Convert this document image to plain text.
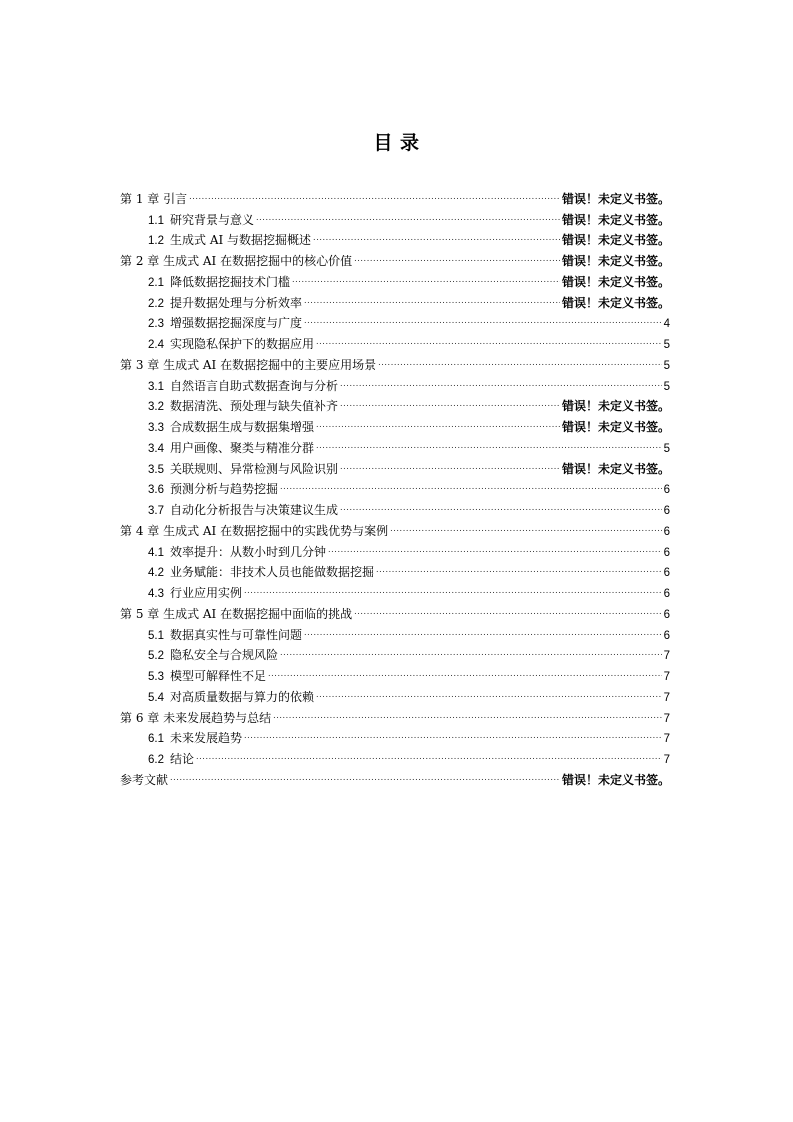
目 录
第 1 章 引言 .....	错误！未定义书签。
1.1 研究背景与意义 .....	错误！未定义书签。
1.2 生成式 AI 与数据挖掘概述 .....	错误！未定义书签。
第 2 章 生成式 AI 在数据挖掘中的核心价值 .....	错误！未定义书签。
2.1 降低数据挖掘技术门槛 .....	错误！未定义书签。
2.2 提升数据处理与分析效率 .....	错误！未定义书签。
2.3 增强数据挖掘深度与广度 .....	4
2.4 实现隐私保护下的数据应用 .....	5
第 3 章 生成式 AI 在数据挖掘中的主要应用场景 .....	5
3.1 自然语言自助式数据查询与分析 .....	5
3.2 数据清洗、预处理与缺失值补齐 .....	错误！未定义书签。
3.3 合成数据生成与数据集增强 .....	错误！未定义书签。
3.4 用户画像、聚类与精准分群 .....	5
3.5 关联规则、异常检测与风险识别 .....	错误！未定义书签。
3.6 预测分析与趋势挖掘 .....	6
3.7 自动化分析报告与决策建议生成 .....	6
第 4 章 生成式 AI 在数据挖掘中的实践优势与案例 .....	6
4.1 效率提升：从数小时到几分钟 .....	6
4.2 业务赋能：非技术人员也能做数据挖掘 .....	6
4.3 行业应用实例 .....	6
第 5 章 生成式 AI 在数据挖掘中面临的挑战 .....	6
5.1 数据真实性与可靠性问题 .....	6
5.2 隐私安全与合规风险 .....	7
5.3 模型可解释性不足 .....	7
5.4 对高质量数据与算力的依赖 .....	7
第 6 章 未来发展趋势与总结 .....	7
6.1 未来发展趋势 .....	7
6.2 结论 .....	7
参考文献 .....	错误！未定义书签。
